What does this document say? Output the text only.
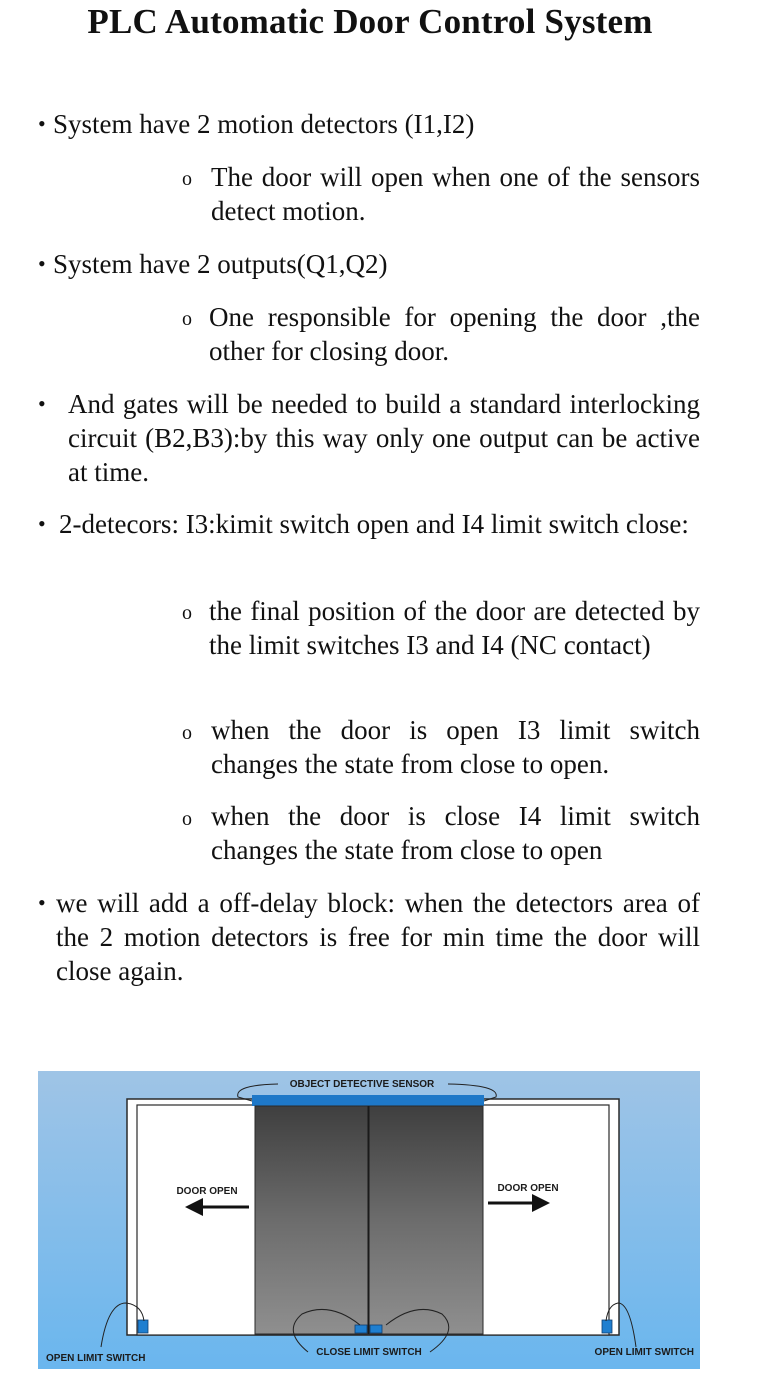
PLC Automatic Door Control System
• System have 2 motion detectors (I1,I2)
o The door will open when one of the sensors detect motion.
• System have 2 outputs(Q1,Q2)
o One responsible for opening the door ,the other for closing door.
• And gates will be needed to build a standard interlocking circuit (B2,B3):by this way only one output can be active at time.
• 2-detecors: I3:kimit switch open and I4 limit switch close:
o the final position of the door are detected by the limit switches I3 and I4 (NC contact)
o when the door is open I3 limit switch changes the state from close to open.
o when the door is close I4 limit switch changes the state from close to open
• we will add a off-delay block: when the detectors area of the 2 motion detectors is free for min time the door will close again.
OBJECT DETECTIVE SENSOR
DOOR OPEN	DOOR OPEN
OPEN LIMIT SWITCH
CLOSE LIMIT SWITCH	OPEN LIMIT SWITCH
